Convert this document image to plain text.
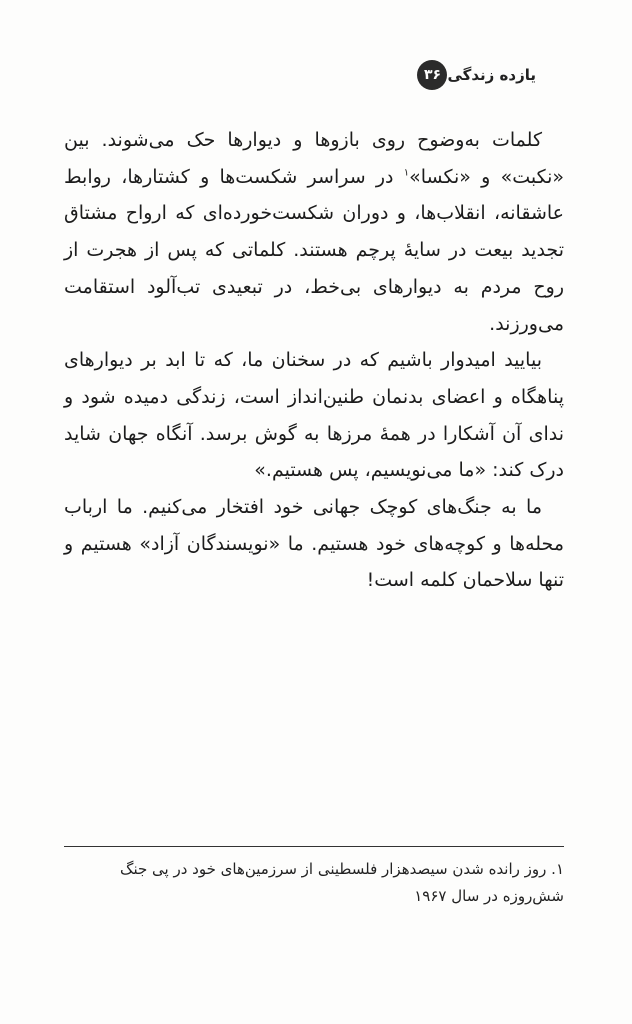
۳۶ یازده زندگی

کلمات به‌وضوح روی بازوها و دیوارها حک می‌شوند. بین «نکبت» و «نکسا»$^۱$ در سراسر شکست‌ها و کشتارها، روابط عاشقانه، انقلاب‌ها، و دوران شکست‌خورده‌ای که ارواح مشتاق تجدید بیعت در سایهٔ پرچم هستند. کلماتی که پس از هجرت از روح مردم به دیوارهای بی‌خط، در تبعیدی تب‌آلود استقامت می‌ورزند.

بیایید امیدوار باشیم که در سخنان ما، که تا ابد بر دیوارهای پناهگاه و اعضای بدنمان طنین‌انداز است، زندگی دمیده شود و ندای آن آشکارا در همهٔ مرزها به گوش برسد. آنگاه جهان شاید درک کند: «ما می‌نویسیم، پس هستیم.»

ما به جنگ‌های کوچک جهانی خود افتخار می‌کنیم. ما ارباب محله‌ها و کوچه‌های خود هستیم. ما «نویسندگان آزاد» هستیم و تنها سلاحمان کلمه است!

۱. روز رانده شدن سیصدهزار فلسطینی از سرزمین‌های خود در پی جنگ شش‌روزه در سال ۱۹۶۷
